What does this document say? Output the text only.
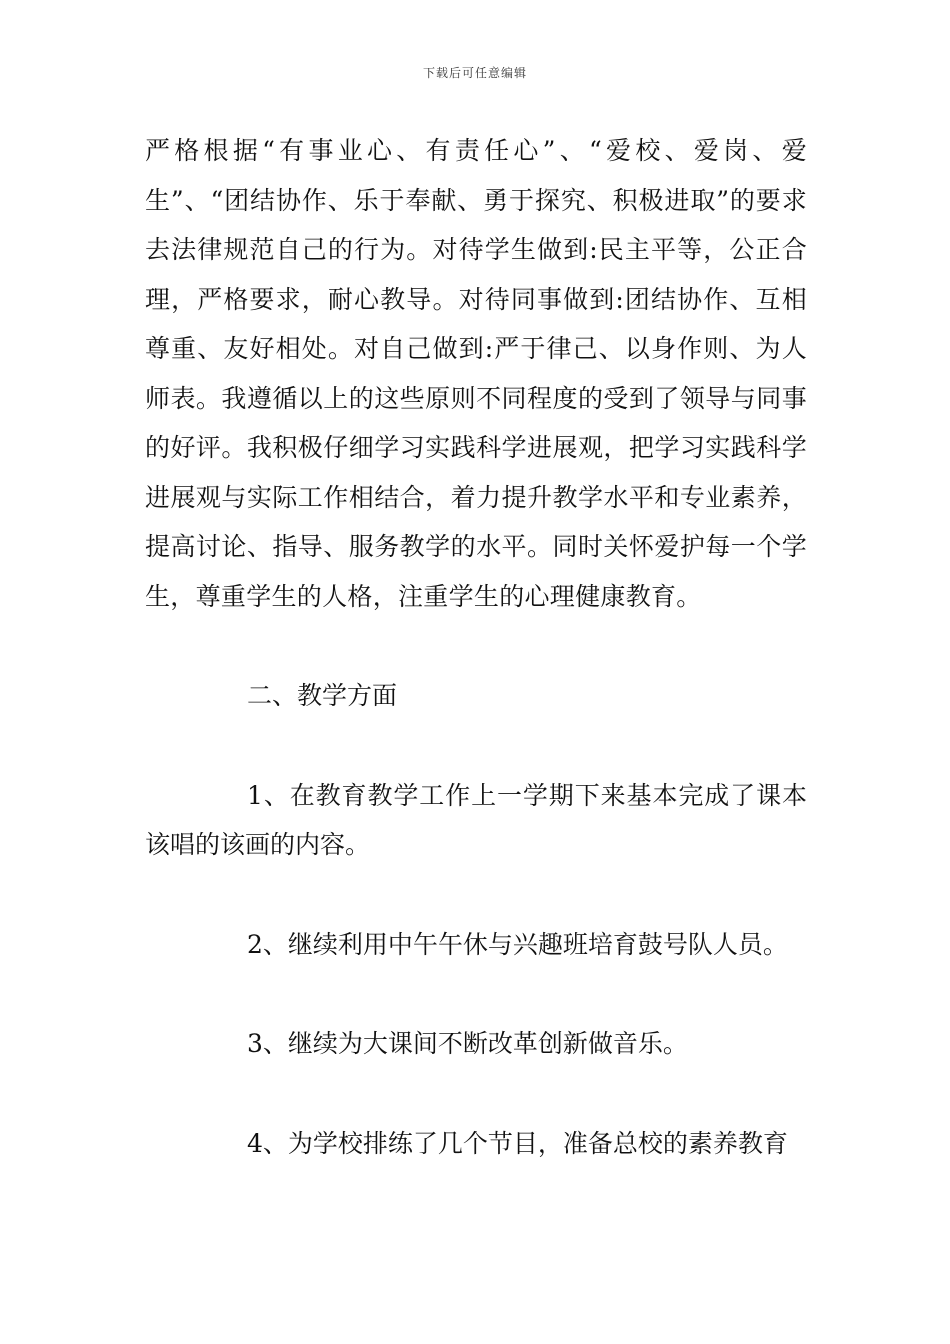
下载后可任意编辑

严格根据“有事业心、有责任心”、“爱校、爱岗、爱生”、“团结协作、乐于奉献、勇于探究、积极进取”的要求去法律规范自己的行为。对待学生做到:民主平等，公正合理，严格要求，耐心教导。对待同事做到:团结协作、互相尊重、友好相处。对自己做到:严于律己、以身作则、为人师表。我遵循以上的这些原则不同程度的受到了领导与同事的好评。我积极仔细学习实践科学进展观，把学习实践科学进展观与实际工作相结合，着力提升教学水平和专业素养，提高讨论、指导、服务教学的水平。同时关怀爱护每一个学生，尊重学生的人格，注重学生的心理健康教育。

二、教学方面

1、在教育教学工作上一学期下来基本完成了课本该唱的该画的内容。

2、继续利用中午午休与兴趣班培育鼓号队人员。

3、继续为大课间不断改革创新做音乐。

4、为学校排练了几个节目，准备总校的素养教育
